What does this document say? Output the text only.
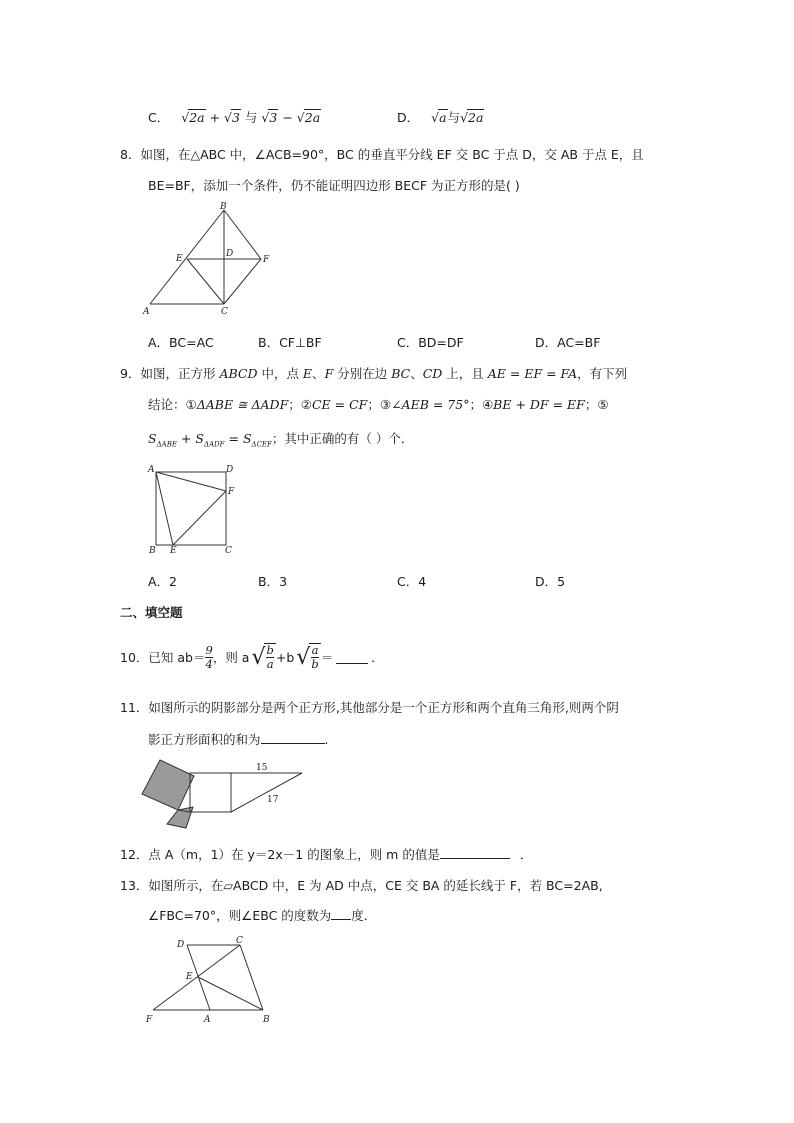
C． √2a + √3 与 √3 − √2a	D． √a与√2a
8．如图，在△ABC 中，∠ACB=90°，BC 的垂直平分线 EF 交 BC 于点 D，交 AB 于点 E，且
BE=BF，添加一个条件，仍不能证明四边形 BECF 为正方形的是( )
B
E	D
F
A	C
A．BC=AC	B．CF⊥BF	C．BD=DF	D．AC=BF
9．如图，正方形 ABCD 中，点 E、F 分别在边 BC、CD 上，且 AE = EF = FA，有下列
结论：①ΔABE ≅ ΔADF；②CE = CF；③∠AEB = 75°；④BE + DF = EF；⑤
$S_{\Delta ABE} + S_{\Delta ADF} = S_{\Delta CEF}$；其中正确的有（ ）个．
A	D
F
B E	C
A．2	B．3	C．4	D．5
二、填空题
10． 已知 $ab= \frac{9}{4}$ ，则 a √ $\frac{b}{a} +b$ √ $\frac{a}{b}$ ＝	．
11．如图所示的阴影部分是两个正方形,其他部分是一个正方形和两个直角三角形,则两个阴
影正方形面积的和为	.
15
17
12．点 A（m，1）在 y＝2x－1 的图象上，则 m 的值是	．
13．如图所示，在▱ABCD 中，E 为 AD 中点，CE 交 BA 的延长线于 F，若 BC=2AB,
∠FBC=70°，则∠EBC 的度数为 度．
D	C
E
F	A	B
